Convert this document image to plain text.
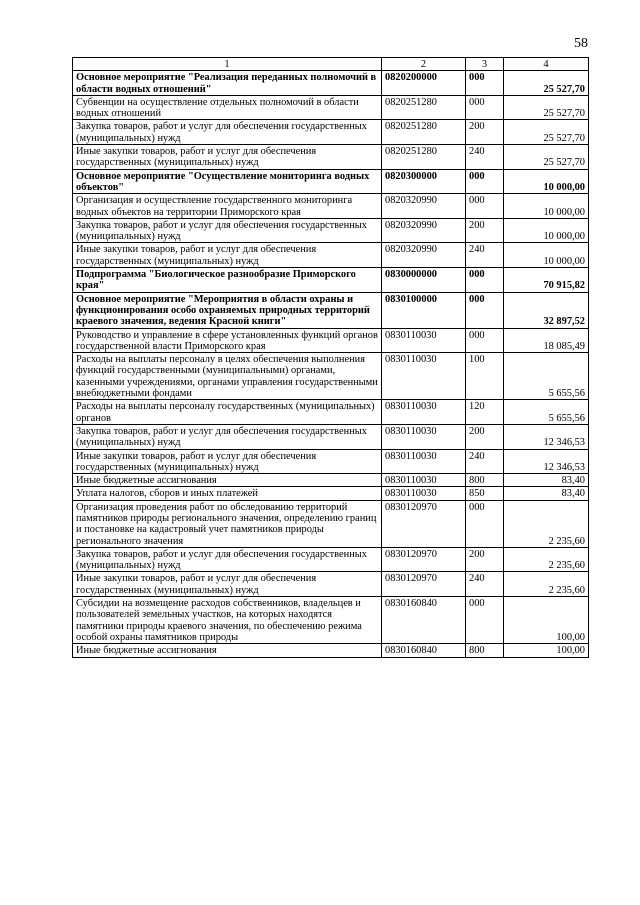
58
1	2	3	4
Основное мероприятие "Реализация переданных полномочий в области водных отношений"	0820200000	000	25 527,70
Субвенции на осуществление отдельных полномочий в области водных отношений	0820251280	000	25 527,70
Закупка товаров, работ и услуг для обеспечения государственных (муниципальных) нужд	0820251280	200	25 527,70
Иные закупки товаров, работ и услуг для обеспечения государственных (муниципальных) нужд	0820251280	240	25 527,70
Основное мероприятие "Осуществление мониторинга водных объектов"	0820300000	000	10 000,00
Организация и осуществление государственного мониторинга водных объектов на территории Приморского края	0820320990	000	10 000,00
Закупка товаров, работ и услуг для обеспечения государственных (муниципальных) нужд	0820320990	200	10 000,00
Иные закупки товаров, работ и услуг для обеспечения государственных (муниципальных) нужд	0820320990	240	10 000,00
Подпрограмма "Биологическое разнообразие Приморского края"	0830000000	000	70 915,82
Основное мероприятие "Мероприятия в области охраны и функционирования особо охраняемых природных территорий краевого значения, ведения Красной книги"	0830100000	000	32 897,52
Руководство и управление в сфере установленных функций органов государственной власти Приморского края	0830110030	000	18 085,49
Расходы на выплаты персоналу в целях обеспечения выполнения функций государственными (муниципальными) органами, казенными учреждениями, органами управления государственными внебюджетными фондами	0830110030	100	5 655,56
Расходы на выплаты персоналу государственных (муниципальных) органов	0830110030	120	5 655,56
Закупка товаров, работ и услуг для обеспечения государственных (муниципальных) нужд	0830110030	200	12 346,53
Иные закупки товаров, работ и услуг для обеспечения государственных (муниципальных) нужд	0830110030	240	12 346,53
Иные бюджетные ассигнования	0830110030	800	83,40
Уплата налогов, сборов и иных платежей	0830110030	850	83,40
Организация проведения работ по обследованию территорий памятников природы регионального значения, определению границ и постановке на кадастровый учет памятников природы регионального значения	0830120970	000	2 235,60
Закупка товаров, работ и услуг для обеспечения государственных (муниципальных) нужд	0830120970	200	2 235,60
Иные закупки товаров, работ и услуг для обеспечения государственных (муниципальных) нужд	0830120970	240	2 235,60
Субсидии на возмещение расходов собственников, владельцев и пользователей земельных участков, на которых находятся памятники природы краевого значения, по обеспечению режима особой охраны памятников природы	0830160840	000	100,00
Иные бюджетные ассигнования	0830160840	800	100,00
